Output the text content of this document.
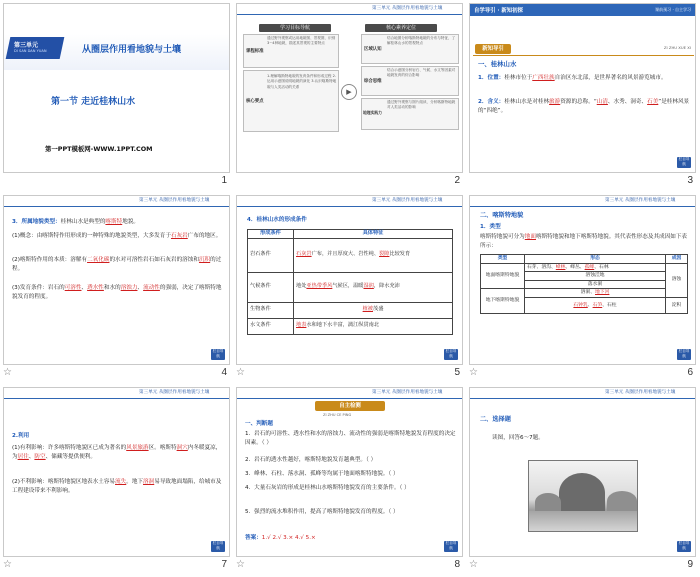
第三单元
DI SAN DAN YUAN	从圈层作用看地貌与土壤
第一节 走近桂林山水
第一PPT模板网-WWW.1PPT.COM
1
第三单元 从圈层作用看地貌与土壤
学习目标导航	核心素养定位
课程标准
通过野外观察或运用地貌图、景观图，识别3~4种地貌，描述其景观的主要特点
核心要点
1.理解喀斯特地貌的发育条件和形成过程 2.运用示意图说明地貌的演化 3.认识喀斯特地貌与人类活动的关系
▶
区域认知
结合地图分析喀斯特地貌的分布与特征，了解桂林山水的景观特点
综合思维
结合示意图分析岩石、气候、水文等因素对地貌发育的综合影响
地理实践力
通过野外观察与图片阅读，分析喀斯特地貌对人类活动的影响
2
自学导引 · 新知初探	课前预习 · 自主学习
新知导引	ZI ZHU XUE XI
一、桂林山水
1．位置：桂林市位于广西壮族自治区东北部，是世界著名的风景游览城市。
2．含义：桂林山水是对桂林旅游资源的总称。“山清、水秀、洞奇、石美”是桂林风景的“四绝”。
栏目导航
3
第三单元 从圈层作用看地貌与土壤
3．所属地貌类型：桂林山水是典型的喀斯特地貌。
(1)概念：由喀斯特作用形成的一种特殊的地貌类型，大多发育于石灰岩广布的地区。
(2)喀斯特作用的本质：溶解有二氧化碳的水对可溶性岩石如石灰岩的溶蚀和沉积的过程。
(3)发育条件：岩石的可溶性、透水性和水的溶蚀力、流动性的强弱，决定了喀斯特地貌发育的程度。
栏目导航
☆	4
第三单元 从圈层作用看地貌与土壤
4．桂林山水的形成条件
形成条件	具体特征
岩石条件	石灰岩广布，并且厚度大、岩性纯、裂隙比较发育
气候条件	地处亚热带季风气候区，温暖湿润，降水充沛
生物条件	植被茂盛
水文条件	地表水和地下水丰富，漓江纵贯南北
栏目导航
☆	5
第三单元 从圈层作用看地貌与土壤
二、喀斯特地貌
1．类型
喀斯特地貌可分为地面喀斯特地貌和地下喀斯特地貌。其代表性形态及其成因如下表所示：
类型	形态	成因
地面喀斯特地貌	石芽、溶沟、峰林、峰丛、孤峰、石林	溶蚀
	溶蚀洼地	
	落水洞	
地下喀斯特地貌	溶洞、地下河	
	石钟乳、石笋、石柱	淀积
栏目导航
☆	6
第三单元 从圈层作用看地貌与土壤
2.利用
(1)有利影响：许多喀斯特地貌区已成为著名的风景旅游区。喀斯特洞穴内冬暖夏凉，为居住、防空、储藏等提供便利。
(2)不利影响：喀斯特地貌区地表水土容易流失。地下溶洞易导致地面塌陷，给城市及工程建设带来不利影响。
栏目导航
☆	7
第三单元 从圈层作用看地貌与土壤
自主检测
ZI ZHU CE PING
一、判断题
1．岩石的可溶性、透水性和水的溶蚀力、流动性的强弱是喀斯特地貌发育程度的决定因素。（ ）
2．岩石的透水性越好，喀斯特地貌发育越典型。（ ）
3．峰林、石柱、落水洞、孤峰等均属于地面喀斯特地貌。（ ）
4．大量石灰岩的形成是桂林山水喀斯特地貌发育的主要条件。（ ）
5．强烈的流水堆积作用，提高了喀斯特地貌发育的程度。（ ）
答案：1.√ 2.√ 3.× 4.√ 5.×
栏目导航
☆	8
第三单元 从圈层作用看地貌与土壤
二、选择题
读图，回答6～7题。
栏目导航
☆	9
